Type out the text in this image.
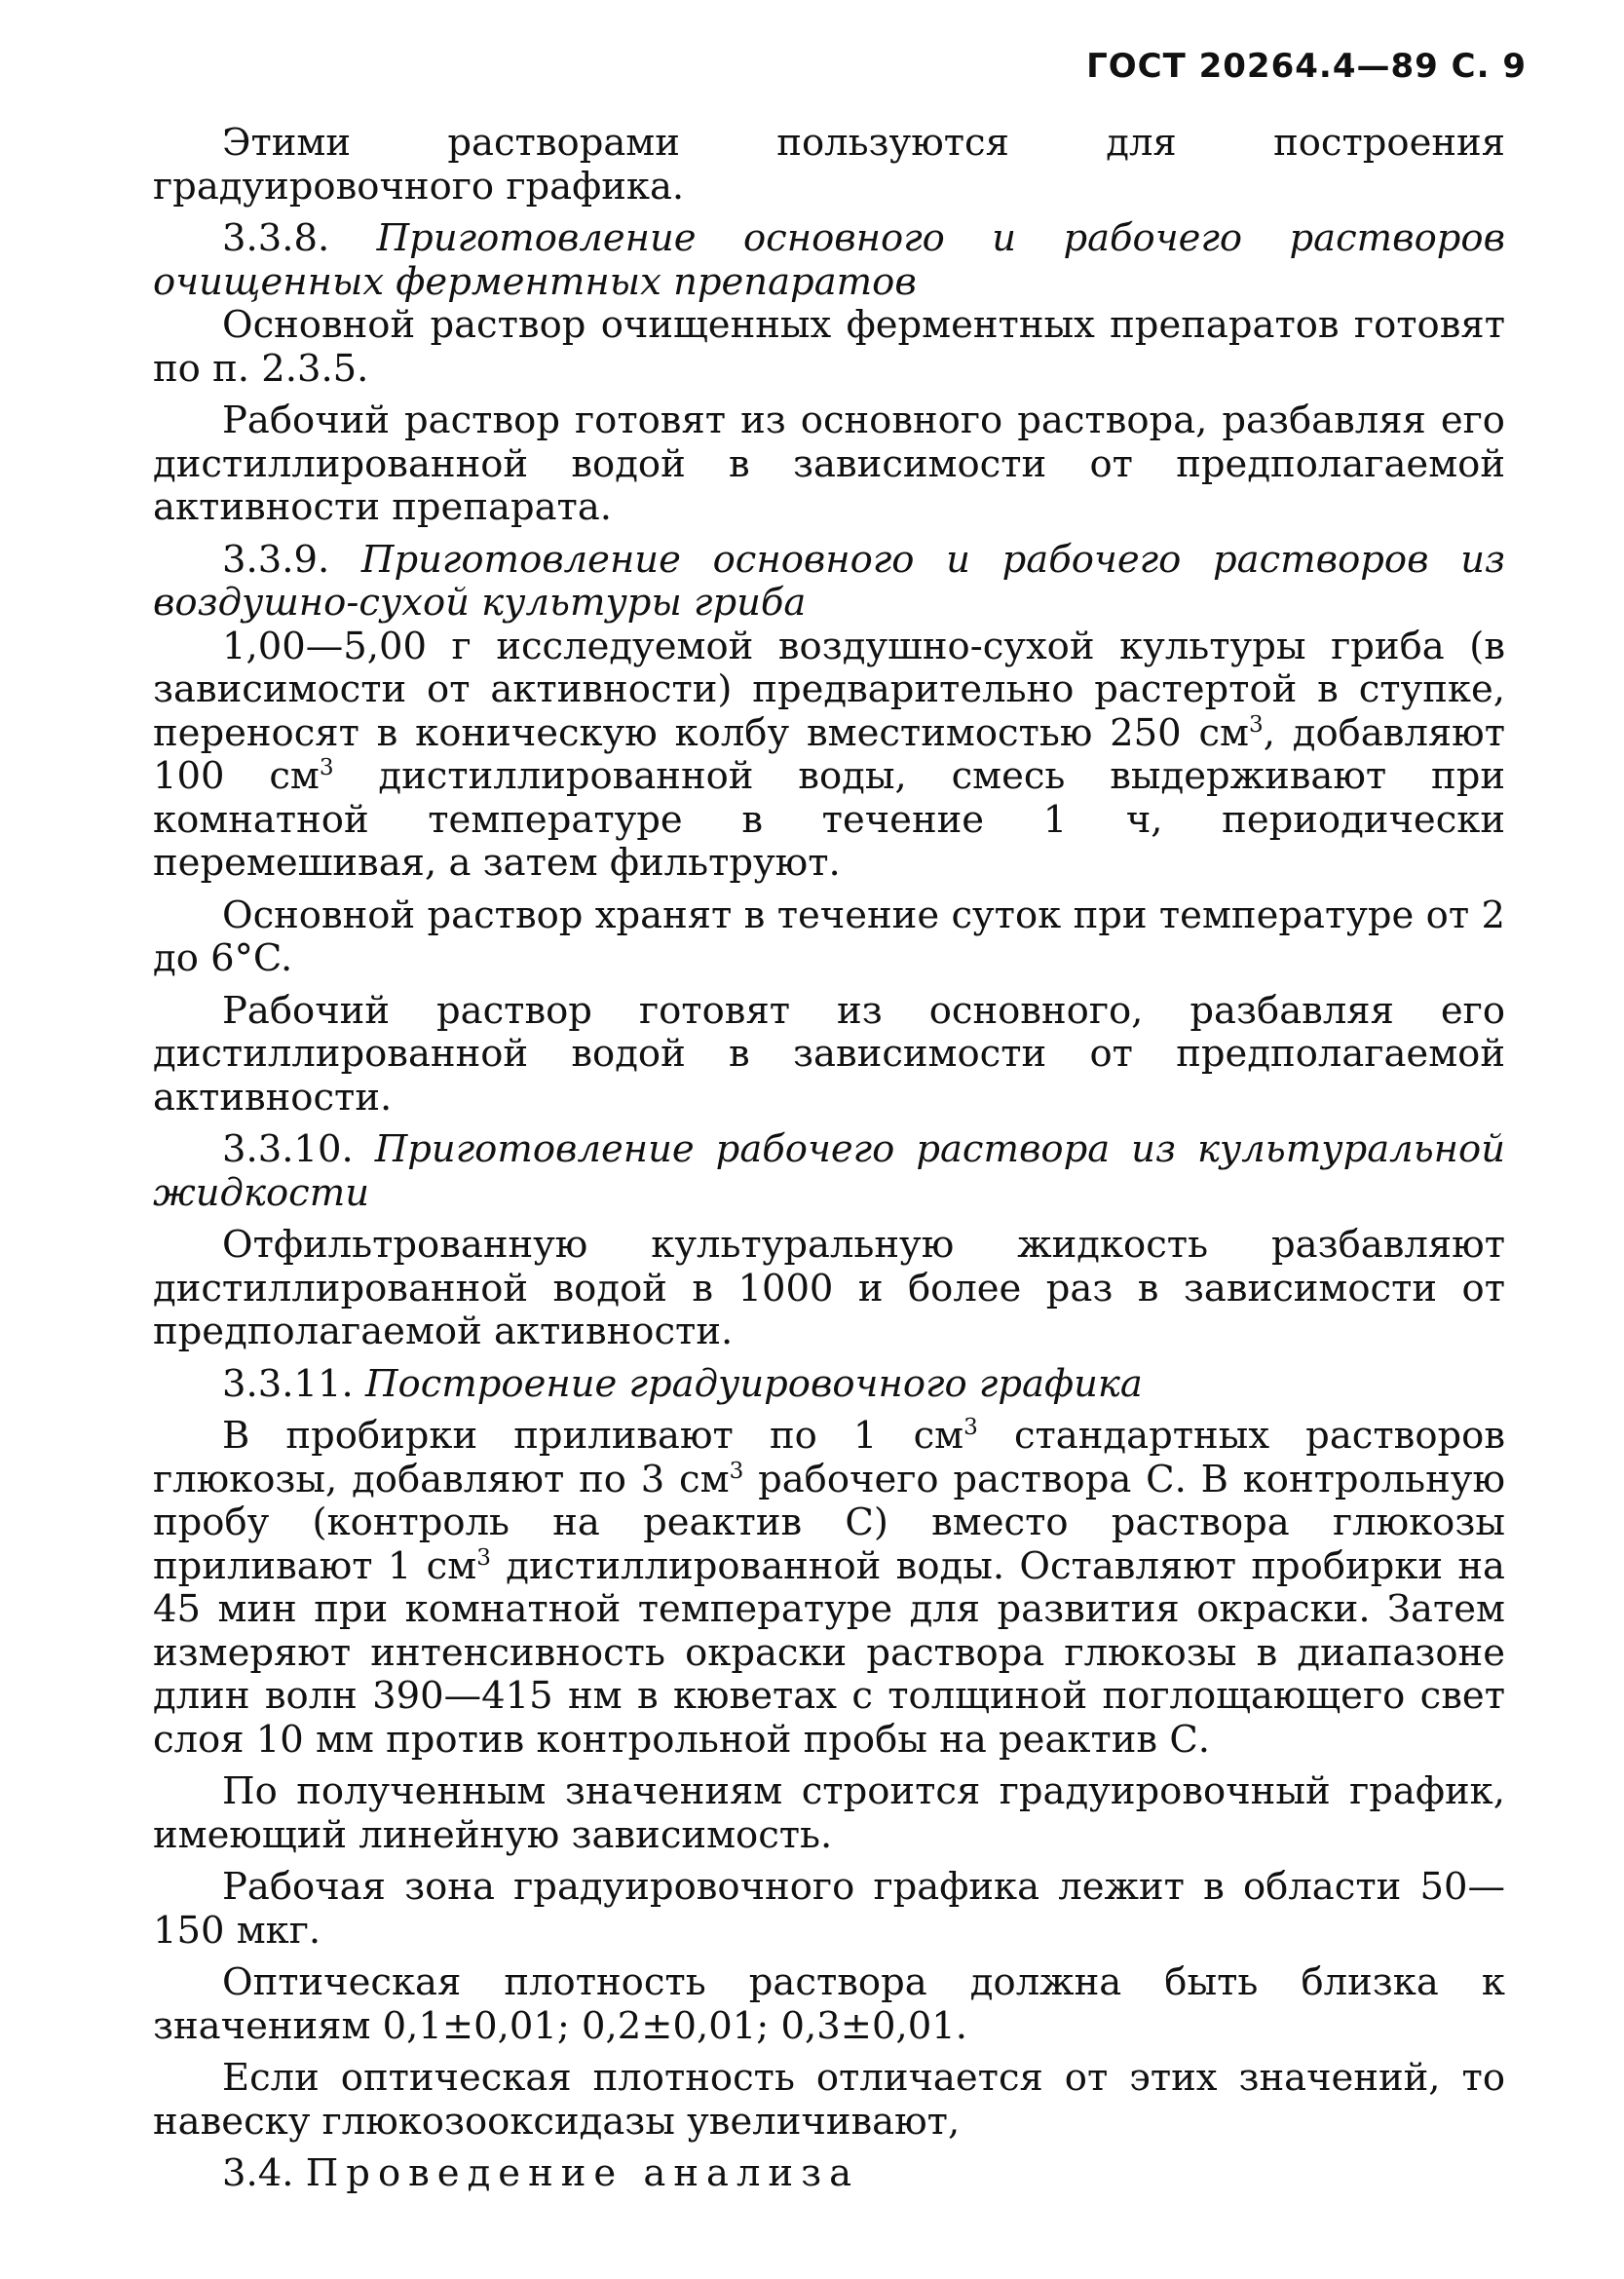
ГОСТ 20264.4—89 С. 9

Этими растворами пользуются для построения градуировочного графика.

3.3.8. Приготовление основного и рабочего растворов очищенных ферментных препаратов

Основной раствор очищенных ферментных препаратов готовят по п. 2.3.5.

Рабочий раствор готовят из основного раствора, разбавляя его дистиллированной водой в зависимости от предполагаемой активности препарата.

3.3.9. Приготовление основного и рабочего растворов из воздушно-сухой культуры гриба

1,00—5,00 г исследуемой воздушно-сухой культуры гриба (в зависимости от активности) предварительно растертой в ступке, переносят в коническую колбу вместимостью 250 $см^3$, добавляют 100 $см^3$ дистиллированной воды, смесь выдерживают при комнатной температуре в течение 1 ч, периодически перемешивая, а затем фильтруют.

Основной раствор хранят в течение суток при температуре от 2 до 6°C.

Рабочий раствор готовят из основного, разбавляя его дистиллированной водой в зависимости от предполагаемой активности.

3.3.10. Приготовление рабочего раствора из культуральной жидкости

Отфильтрованную культуральную жидкость разбавляют дистиллированной водой в 1000 и более раз в зависимости от предполагаемой активности.

3.3.11. Построение градуировочного графика

В пробирки приливают по 1 $см^3$ стандартных растворов глюкозы, добавляют по 3 $см^3$ рабочего раствора С. В контрольную пробу (контроль на реактив С) вместо раствора глюкозы приливают 1 $см^3$ дистиллированной воды. Оставляют пробирки на 45 мин при комнатной температуре для развития окраски. Затем измеряют интенсивность окраски раствора глюкозы в диапазоне длин волн 390—415 нм в кюветах с толщиной поглощающего свет слоя 10 мм против контрольной пробы на реактив С.

По полученным значениям строится градуировочный график, имеющий линейную зависимость.

Рабочая зона градуировочного графика лежит в области 50—150 мкг.

Оптическая плотность раствора должна быть близка к значениям 0,1±0,01; 0,2±0,01; 0,3±0,01.

Если оптическая плотность отличается от этих значений, то навеску глюкозооксидазы увеличивают,

3.4. Проведение анализа
